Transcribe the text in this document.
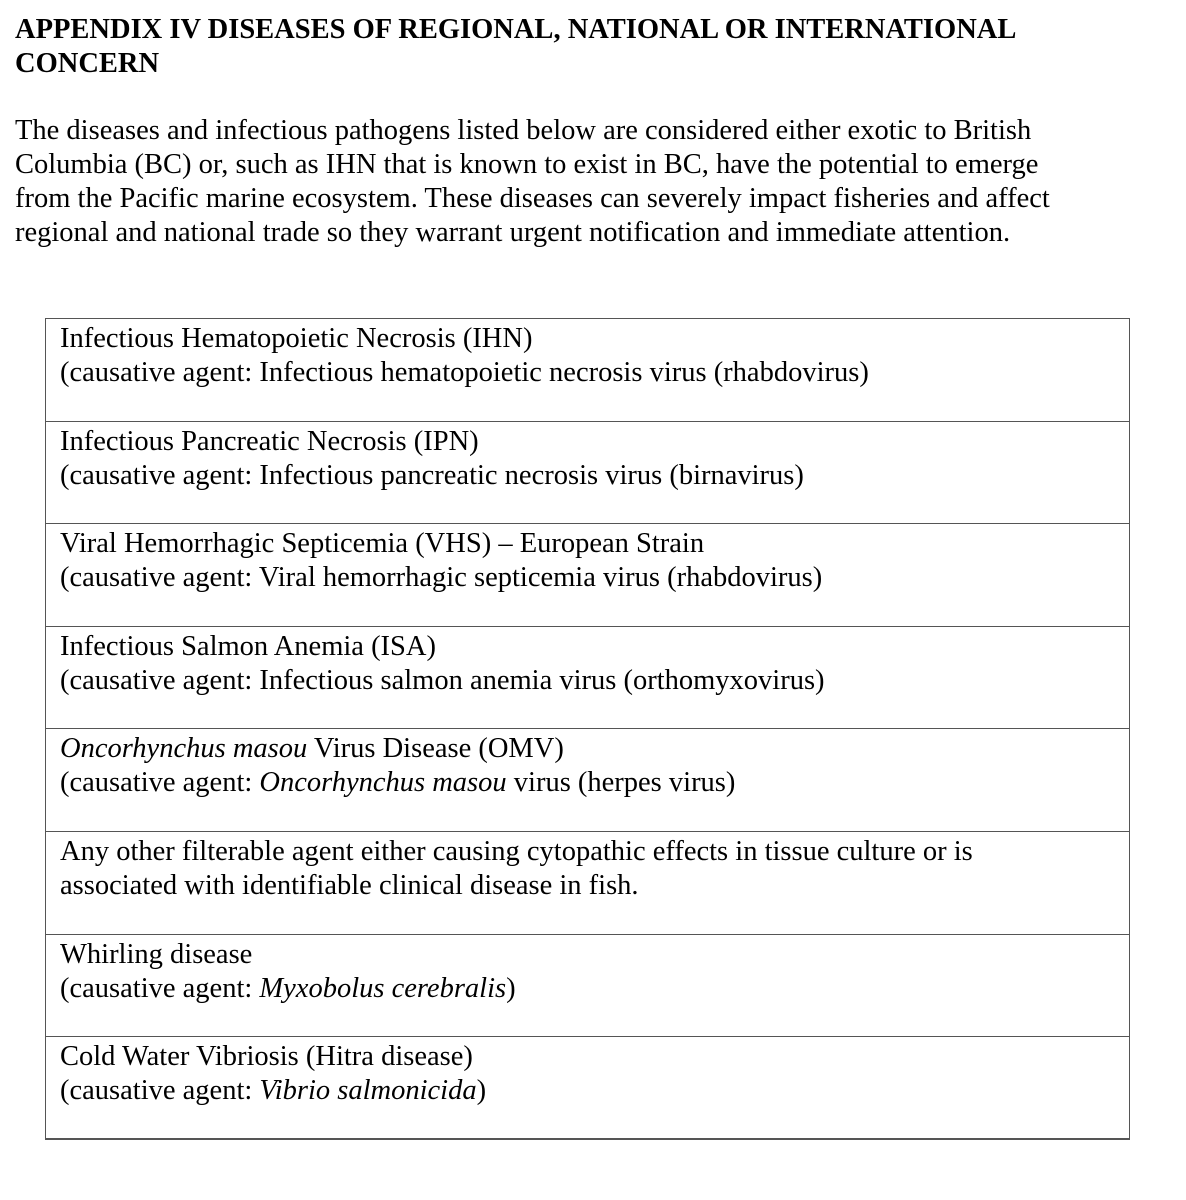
APPENDIX IV DISEASES OF REGIONAL, NATIONAL OR INTERNATIONAL
CONCERN

The diseases and infectious pathogens listed below are considered either exotic to British
Columbia (BC) or, such as IHN that is known to exist in BC, have the potential to emerge
from the Pacific marine ecosystem. These diseases can severely impact fisheries and affect
regional and national trade so they warrant urgent notification and immediate attention.

Infectious Hematopoietic Necrosis (IHN)
(causative agent: Infectious hematopoietic necrosis virus (rhabdovirus)
Infectious Pancreatic Necrosis (IPN)
(causative agent: Infectious pancreatic necrosis virus (birnavirus)
Viral Hemorrhagic Septicemia (VHS) – European Strain
(causative agent: Viral hemorrhagic septicemia virus (rhabdovirus)
Infectious Salmon Anemia (ISA)
(causative agent: Infectious salmon anemia virus (orthomyxovirus)
Oncorhynchus masou Virus Disease (OMV)
(causative agent: Oncorhynchus masou virus (herpes virus)
Any other filterable agent either causing cytopathic effects in tissue culture or is
associated with identifiable clinical disease in fish.
Whirling disease
(causative agent: Myxobolus cerebralis)
Cold Water Vibriosis (Hitra disease)
(causative agent: Vibrio salmonicida)
